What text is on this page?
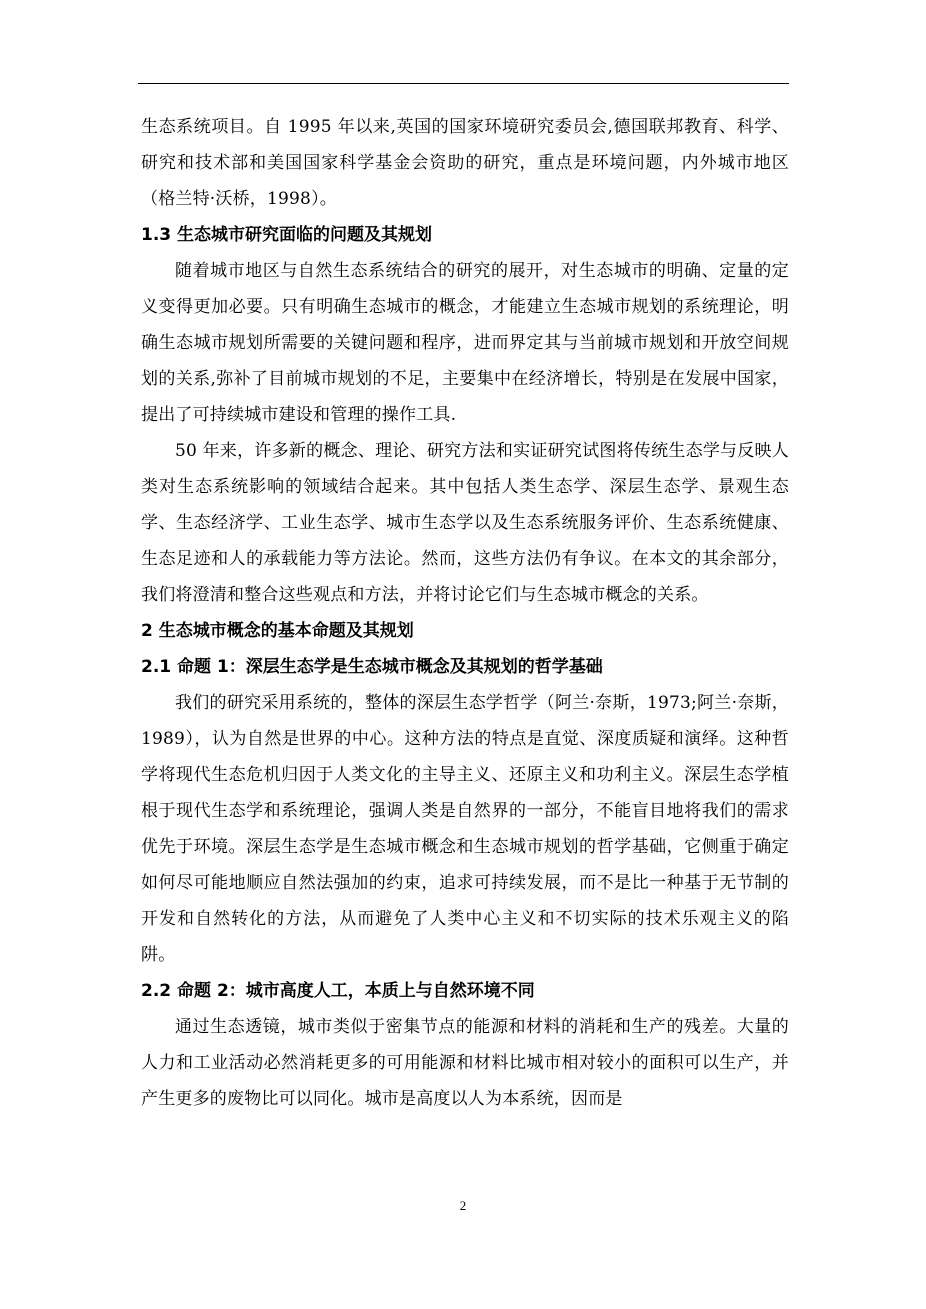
生态系统项目。自 1995 年以来,英国的国家环境研究委员会,德国联邦教育、科学、研究和技术部和美国国家科学基金会资助的研究，重点是环境问题，内外城市地区（格兰特·沃桥，1998）。

1.3 生态城市研究面临的问题及其规划

随着城市地区与自然生态系统结合的研究的展开，对生态城市的明确、定量的定义变得更加必要。只有明确生态城市的概念，才能建立生态城市规划的系统理论，明确生态城市规划所需要的关键问题和程序，进而界定其与当前城市规划和开放空间规划的关系,弥补了目前城市规划的不足，主要集中在经济增长，特别是在发展中国家，提出了可持续城市建设和管理的操作工具.

50 年来，许多新的概念、理论、研究方法和实证研究试图将传统生态学与反映人类对生态系统影响的领域结合起来。其中包括人类生态学、深层生态学、景观生态学、生态经济学、工业生态学、城市生态学以及生态系统服务评价、生态系统健康、生态足迹和人的承载能力等方法论。然而，这些方法仍有争议。在本文的其余部分，我们将澄清和整合这些观点和方法，并将讨论它们与生态城市概念的关系。

2 生态城市概念的基本命题及其规划

2.1 命题 1：深层生态学是生态城市概念及其规划的哲学基础

我们的研究采用系统的，整体的深层生态学哲学（阿兰·奈斯，1973;阿兰·奈斯，1989），认为自然是世界的中心。这种方法的特点是直觉、深度质疑和演绎。这种哲学将现代生态危机归因于人类文化的主导主义、还原主义和功利主义。深层生态学植根于现代生态学和系统理论，强调人类是自然界的一部分，不能盲目地将我们的需求优先于环境。深层生态学是生态城市概念和生态城市规划的哲学基础，它侧重于确定如何尽可能地顺应自然法强加的约束，追求可持续发展，而不是比一种基于无节制的开发和自然转化的方法，从而避免了人类中心主义和不切实际的技术乐观主义的陷阱。

2.2 命题 2：城市高度人工，本质上与自然环境不同

通过生态透镜，城市类似于密集节点的能源和材料的消耗和生产的残差。大量的人力和工业活动必然消耗更多的可用能源和材料比城市相对较小的面积可以生产，并产生更多的废物比可以同化。城市是高度以人为本系统，因而是

2
